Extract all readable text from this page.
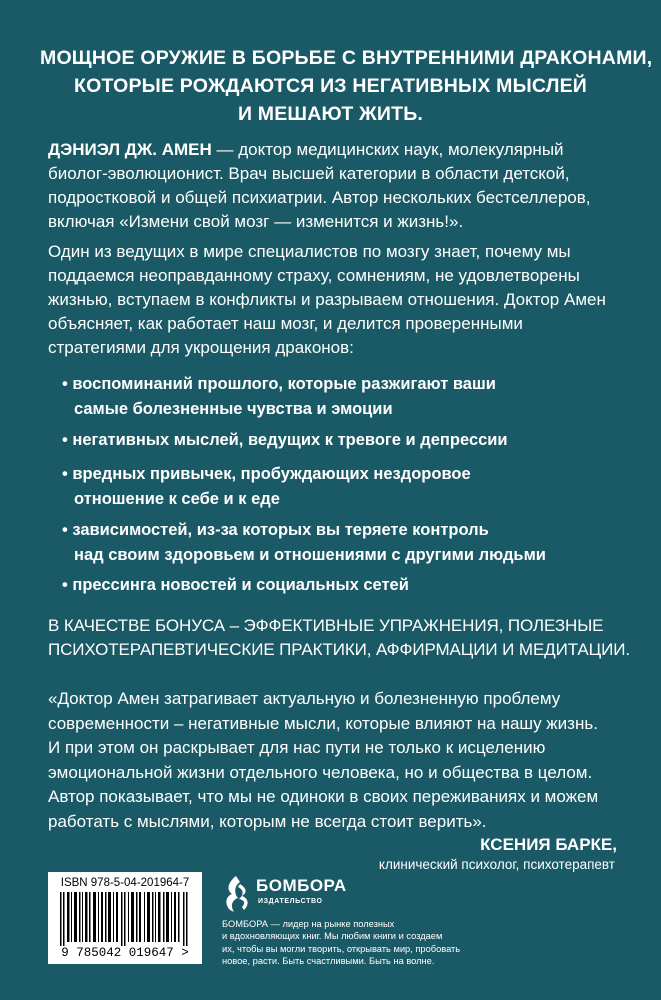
МОЩНОЕ ОРУЖИЕ В БОРЬБЕ С ВНУТРЕННИМИ ДРАКОНАМИ,
КОТОРЫЕ РОЖДАЮТСЯ ИЗ НЕГАТИВНЫХ МЫСЛЕЙ
И МЕШАЮТ ЖИТЬ.
ДЭНИЭЛ ДЖ. АМЕН — доктор медицинских наук, молекулярный
биолог-эволюционист. Врач высшей категории в области детской,
подростковой и общей психиатрии. Автор нескольких бестселлеров,
включая «Измени свой мозг — изменится и жизнь!».
Один из ведущих в мире специалистов по мозгу знает, почему мы
поддаемся неоправданному страху, сомнениям, не удовлетворены
жизнью, вступаем в конфликты и разрываем отношения. Доктор Амен
объясняет, как работает наш мозг, и делится проверенными
стратегиями для укрощения драконов:
• воспоминаний прошлого, которые разжигают ваши
самые болезненные чувства и эмоции
• негативных мыслей, ведущих к тревоге и депрессии
• вредных привычек, пробуждающих нездоровое
отношение к себе и к еде
• зависимостей, из-за которых вы теряете контроль
над своим здоровьем и отношениями с другими людьми
• прессинга новостей и социальных сетей
В КАЧЕСТВЕ БОНУСА – ЭФФЕКТИВНЫЕ УПРАЖНЕНИЯ, ПОЛЕЗНЫЕ
ПСИХОТЕРАПЕВТИЧЕСКИЕ ПРАКТИКИ, АФФИРМАЦИИ И МЕДИТАЦИИ.
«Доктор Амен затрагивает актуальную и болезненную проблему
современности – негативные мысли, которые влияют на нашу жизнь.
И при этом он раскрывает для нас пути не только к исцелению
эмоциональной жизни отдельного человека, но и общества в целом.
Автор показывает, что мы не одиноки в своих переживаниях и можем
работать с мыслями, которым не всегда стоит верить».
КСЕНИЯ БАРКЕ,
клинический психолог, психотерапевт
ISBN 978-5-04-201964-7
9 785042 019647 >
БОМБОРА
ИЗДАТЕЛЬСТВО
БОМБОРА — лидер на рынке полезных
и вдохновляющих книг. Мы любим книги и создаем
их, чтобы вы могли творить, открывать мир, пробовать
новое, расти. Быть счастливыми. Быть на волне.
